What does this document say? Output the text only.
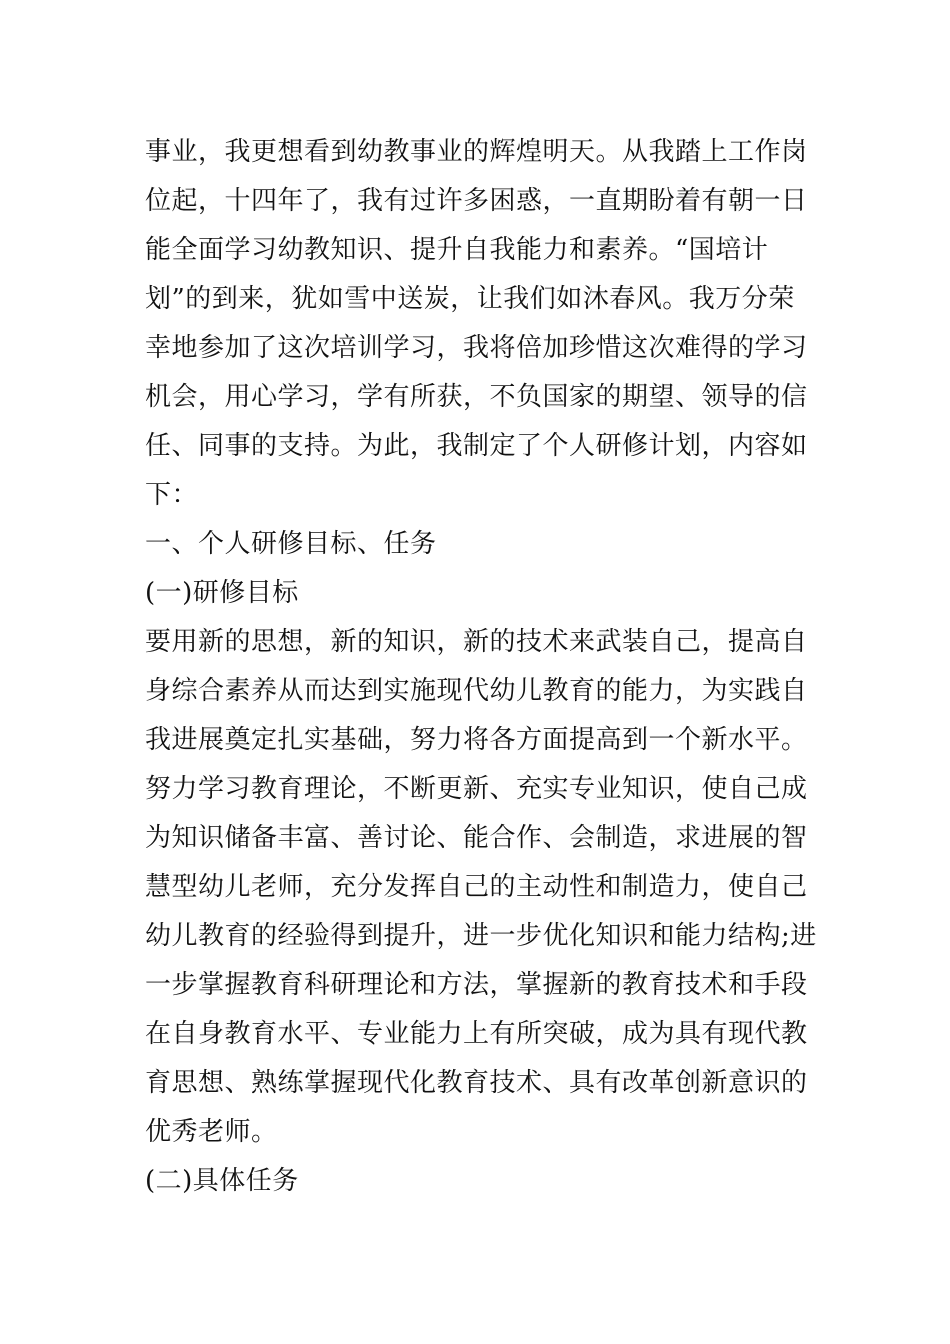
事业，我更想看到幼教事业的辉煌明天。从我踏上工作岗
位起，十四年了，我有过许多困惑，一直期盼着有朝一日
能全面学习幼教知识、提升自我能力和素养。“国培计
划”的到来，犹如雪中送炭，让我们如沐春风。我万分荣
幸地参加了这次培训学习，我将倍加珍惜这次难得的学习
机会，用心学习，学有所获，不负国家的期望、领导的信
任、同事的支持。为此，我制定了个人研修计划，内容如
下：
一、个人研修目标、任务
(一)研修目标
要用新的思想，新的知识，新的技术来武装自己，提高自
身综合素养从而达到实施现代幼儿教育的能力，为实践自
我进展奠定扎实基础，努力将各方面提高到一个新水平。
努力学习教育理论，不断更新、充实专业知识，使自己成
为知识储备丰富、善讨论、能合作、会制造，求进展的智
慧型幼儿老师，充分发挥自己的主动性和制造力，使自己
幼儿教育的经验得到提升，进一步优化知识和能力结构;进
一步掌握教育科研理论和方法，掌握新的教育技术和手段
在自身教育水平、专业能力上有所突破，成为具有现代教
育思想、熟练掌握现代化教育技术、具有改革创新意识的
优秀老师。
(二)具体任务
